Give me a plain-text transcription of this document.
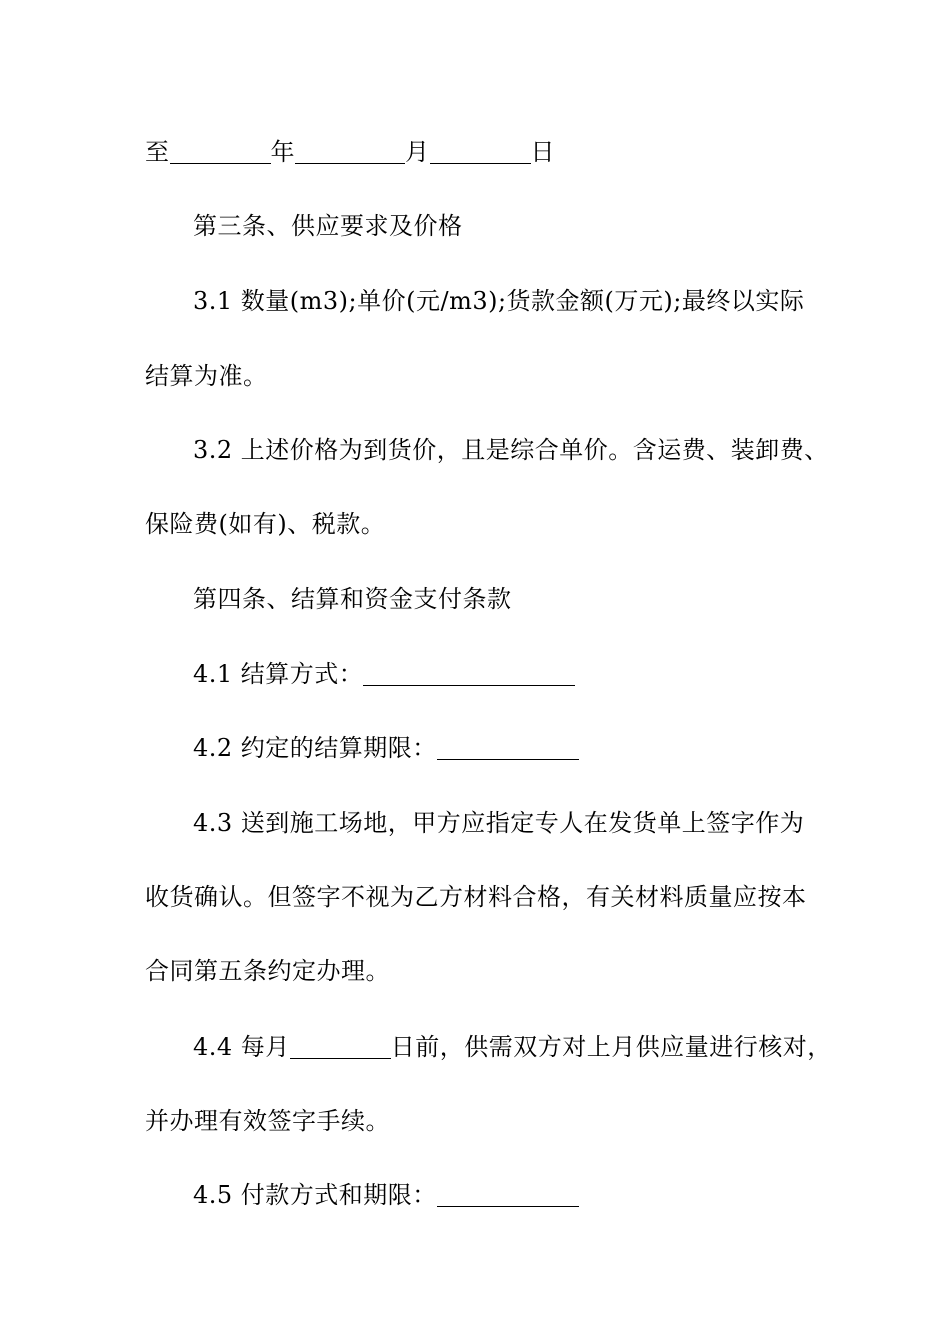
至	年	月	日
第三条、供应要求及价格
3.1 数量(m3);单价(元/m3);货款金额(万元);最终以实际
结算为准。
3.2 上述价格为到货价，且是综合单价。含运费、装卸费、
保险费(如有)、税款。
第四条、结算和资金支付条款
4.1 结算方式：
4.2 约定的结算期限：
4.3 送到施工场地，甲方应指定专人在发货单上签字作为
收货确认。但签字不视为乙方材料合格，有关材料质量应按本
合同第五条约定办理。
4.4 每月	日前，供需双方对上月供应量进行核对，
并办理有效签字手续。
4.5 付款方式和期限：
